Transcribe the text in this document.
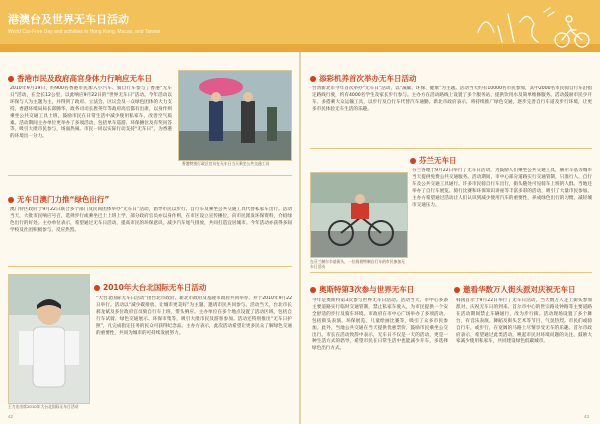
港澳台及世界无车日活动
World Car-Free Day and activities in Hong Kong, Macao, and Taiwan
香港市民及政府高官身体力行响应无车日
2010年9月19日，约900名香港市民加入小汽车、骑自行车参与了香港“无车日”活动，在全长12公里，以此响应9月22日的“世界无车日”活动。今年活动以环保与人为主题为主，并得到了政府、立法会、区议会及一众绿色团体的大力支持。香港环境局局长邱腾华、政务司司长唐英年等政府高官都有出席，以身作则乘坐公共交通工具上班，鼓励市民在日常生活中减少使用私家车，改善空气质素。活动期间主办单位更举办了多项活动，包括单车巡游、环保摊位及有奖问答等，吸引大批市民参与，场面热闹。市民一同以实际行动支持“无车日”，为香港的环境出一分力。
香港特别行政区官员在无车日当天乘坐公共交通工具
无车日澳门力推“绿色出行”
澳门特区政府于9月22日联合多个部门及民间团体举办“无车日”活动，倡导市民以步行、自行车及乘坐公共交通工具代替私家车出行。活动当天，大批市民响应号召，选择步行或乘坐巴士上班上学，部分政府官员亦以身作则，在市区设立宣传摊位，向市民派发环保资料，介绍绿色出行的好处。主办单位表示，希望通过无车日活动，提高市民的环保意识，减少汽车尾气排放，共同打造宜居城市。今年活动亦获得多间学校及社团积极参与，反应热烈。
王力宏出席2010年大台北国际无车日活动
2010年大台北国际无车日活动
“大台北国际无车日活动”由台北市政府、新北市政府及基隆市政府共同举办，并于2010年9月22日举行。活动以“减少碳排放、让城市更美好”为主题，邀请市民共同参与。活动当天，台北市长郝龙斌及多位政府官员骑自行车上班，带头响应。主办单位在多个地点设置了活动区域，包括自行车试骑、绿色交通展示、环保市集等，吸引大批市民及游客参加。活动还特别推出“无车日护照”，凡完成指定任务的民众可获得纪念品。主办方表示，此次活动希望让更多民众了解绿色交通的重要性，共同为城市的可持续发展努力。
42
添彩机养首次举办无车日活动
台湾新北市今年首次举办“无车日”活动，以“减碳、环保、健康”为主题。活动当天约有10000名市民参加，其中2000名市民骑自行车沿指定路线行驶，约有4000名学生及家长步行参与。主办方在活动路线上设置了多个服务站，提供饮用水及简单维修服务。活动鼓励市民少开车、多搭乘大众运输工具，以步行及自行车代替汽车通勤。新北市政府表示，将持续推广绿色交通，逐步完善自行车道及步行环境，让更多市民体验无车生活的乐趣。
芬兰无车日
在芬兰赫尔辛基街头，一位骑着特制自行车的市民参加无车日活动
芬兰各地于9月22日举行了无车日活动，为鼓励人们乘坐公共交通工具，赫尔辛基等城市当天提供免费公共交通服务。活动期间，市中心部分道路实行交通管制，只准行人、自行车及公共交通工具通行。许多市民骑自行车出行，街头随处可见骑车上班的人群。当地还举办了自行车展览、骑行比赛和环保知识讲座等丰富多彩的活动，吸引了大量市民参加。主办方希望通过活动让人们认识到减少使用汽车的重要性，养成绿色出行的习惯，减轻城市交通压力。
奥斯特第3次参与世界无车日
今年是奥斯特第3次参与世界无车日活动。活动当天，市中心多条主要道路实行临时交通管制，禁止私家车驶入，为市民提供一个安全舒适的步行及骑车环境。市政府在市中心广场举办了多项活动，包括街头表演、环保展览、儿童绘画比赛等，吸引了众多市民参加。此外，当地公共交通在当天提供优惠票价，鼓励市民乘坐公交出行。市长在活动致辞中表示，无车日不仅是一天的活动，更是一种生活方式的倡导，希望市民在日常生活中也能减少开车，多选择绿色出行方式。
邀看华数万人街头派对庆祝无车日
韩国首尔于9月22日举行了无车日活动，当天数万人走上街头参加派对，庆祝无车日的到来。首尔市中心的世宗路及钟路等主要道路在活动期间禁止车辆通行，改为步行街。活动现场设置了多个舞台，有音乐表演、舞蹈及街头艺术等节目，气氛热烈。市民们或骑自行车，或步行，在宽阔的马路上尽情享受无车的乐趣。首尔市政府表示，希望通过此类活动，唤起市民对环境问题的关注，鼓励大家减少使用私家车，共同建设绿色低碳城市。
43
